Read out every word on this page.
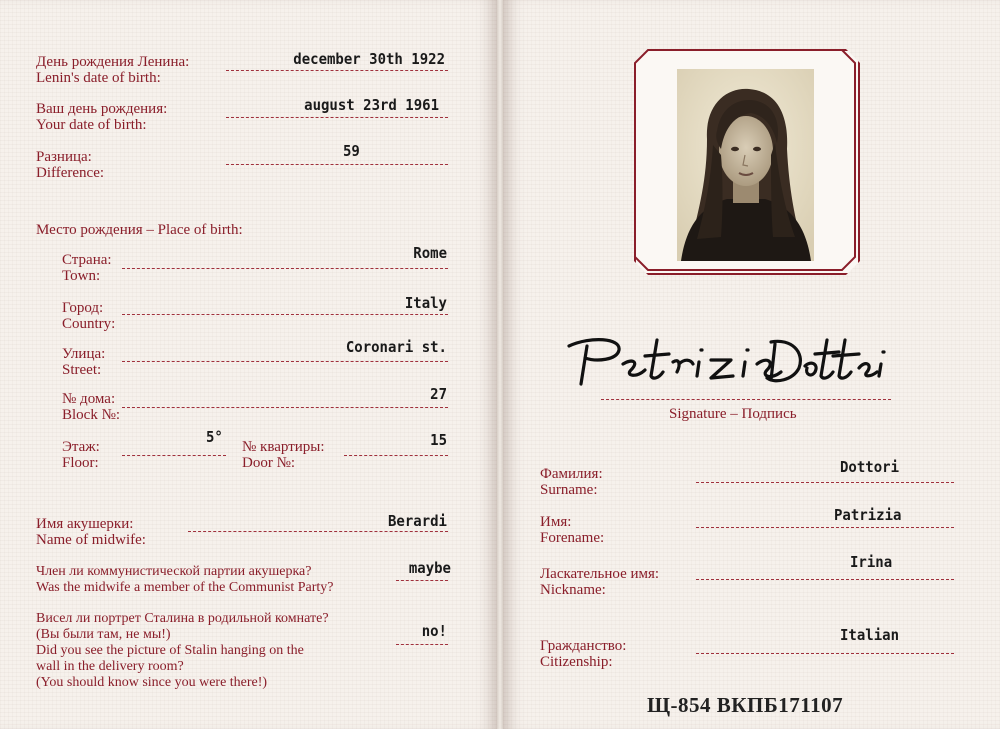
День рождения Ленина:
Lenin's date of birth:
december 30th 1922
Ваш день рождения:
Your date of birth:
august 23rd 1961
Разница:
Difference:
59
Место рождения – Place of birth:
Страна:
Town:
Rome
Город:
Country:
Italy
Улица:
Street:
Coronari st.
№ дома:
Block №:
27
Этаж:
Floor:
5°
№ квартиры:
Door №:
15
Имя акушерки:
Name of midwife:
Berardi
Член ли коммунистической партии акушерка?
Was the midwife a member of the Communist Party?
maybe
Висел ли портрет Сталина в родильной комнате?
(Вы были там, не мы!)
Did you see the picture of Stalin hanging on the
wall in the delivery room?
(You should know since you were there!)
no!
Signature – Подпись
Фамилия:
Surname:
Dottori
Имя:
Forename:
Patrizia
Ласкательное имя:
Nickname:
Irina
Гражданство:
Citizenship:
Italian
Щ-854 ВКПБ171107
